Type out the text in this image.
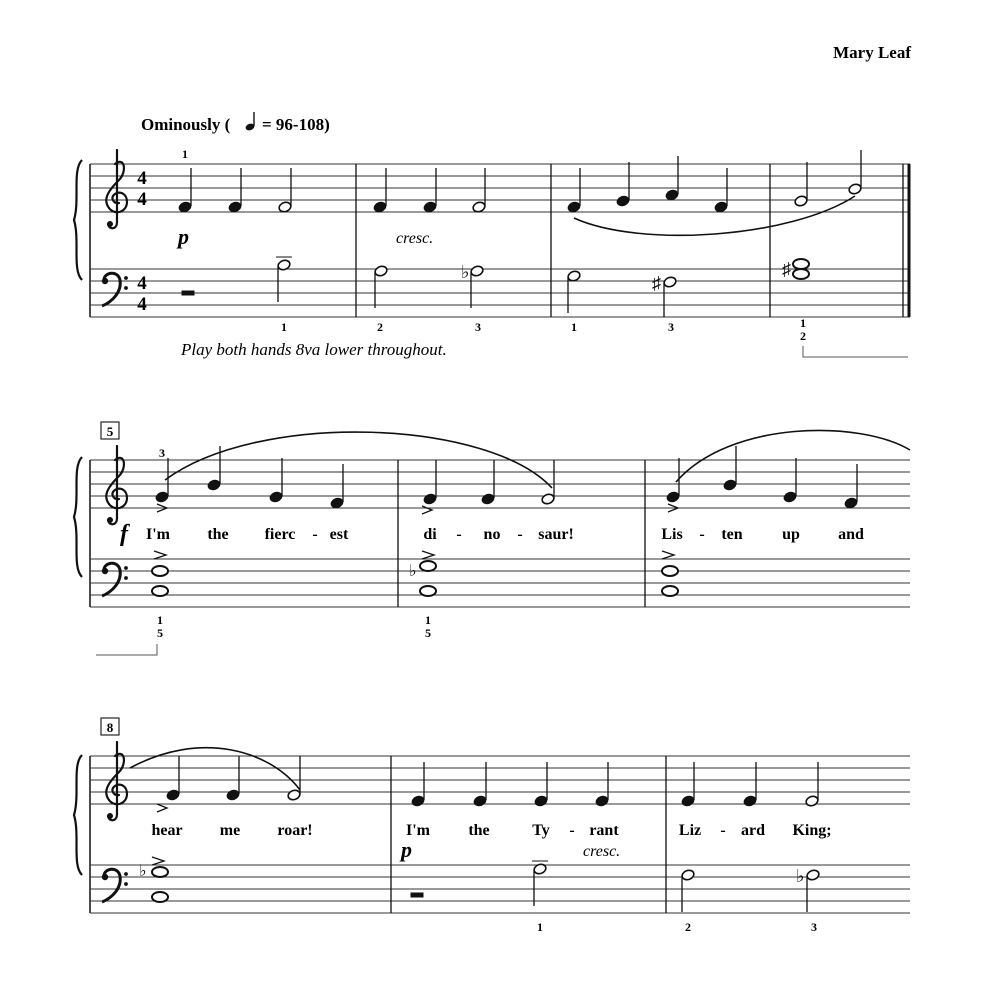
Mary Leaf
Ominously ( = 96-108)
4
4
4
4
♭
♯
♯
p	cresc.
1
1	2	3	1	3	1
2
Play both hands 8va lower throughout.
5
3
♭
1
5
1
5
f I'm the fierc - est	di - no - saur!	Lis - ten up and
8
♭	♭
1	2	3
hear me roar!	I'm the	Ty - rant	Liz - ard King;
p	cresc.
